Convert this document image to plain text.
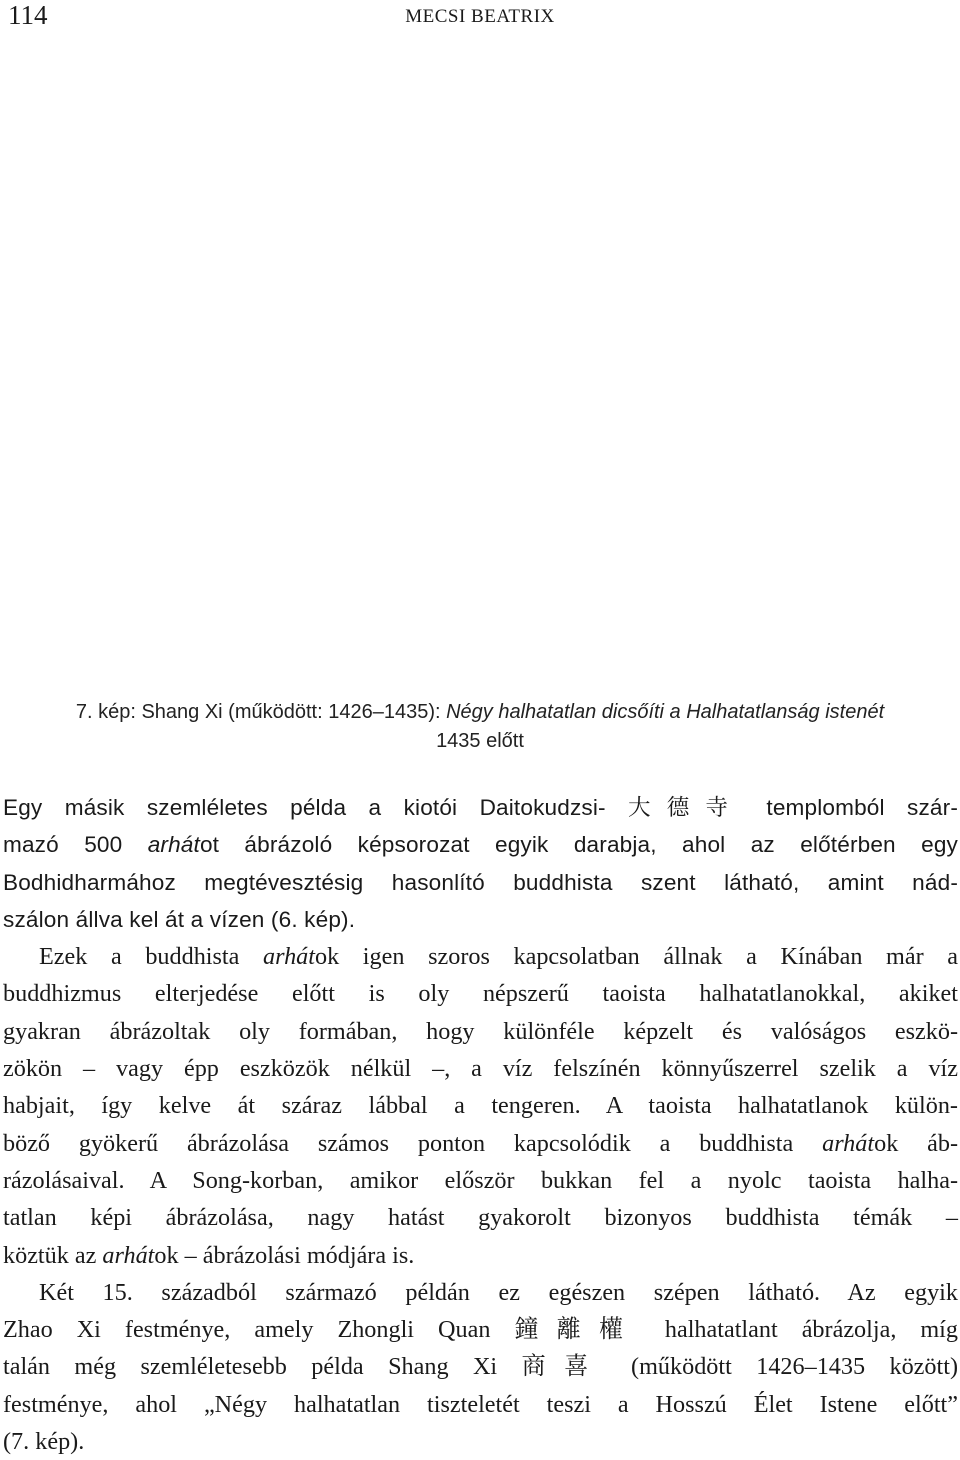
114	MECSI BEATRIX
7. kép: Shang Xi (működött: 1426–1435): Négy halhatatlan dicsőíti a Halhatatlanság istenét
1435 előtt

Egy másik szemléletes példa a kiotói Daitokudzsi- 大德寺 templomból szár-
mazó 500 arhátot ábrázoló képsorozat egyik darabja, ahol az előtérben egy
Bodhidharmához megtévesztésig hasonlító buddhista szent látható, amint nád-
szálon állva kel át a vízen (6. kép).

Ezek a buddhista arhátok igen szoros kapcsolatban állnak a Kínában már a
buddhizmus elterjedése előtt is oly népszerű taoista halhatatlanokkal, akiket
gyakran ábrázoltak oly formában, hogy különféle képzelt és valóságos eszkö-
zökön – vagy épp eszközök nélkül –, a víz felszínén könnyűszerrel szelik a víz
habjait, így kelve át száraz lábbal a tengeren. A taoista halhatatlanok külön-
böző gyökerű ábrázolása számos ponton kapcsolódik a buddhista arhátok áb-
rázolásaival. A Song-korban, amikor először bukkan fel a nyolc taoista halha-
tatlan képi ábrázolása, nagy hatást gyakorolt bizonyos buddhista témák –
köztük az arhátok – ábrázolási módjára is.

Két 15. századból származó példán ez egészen szépen látható. Az egyik
Zhao Xi festménye, amely Zhongli Quan 鐘離權 halhatatlant ábrázolja, míg
talán még szemléletesebb példa Shang Xi 商喜 (működött 1426–1435 között)
festménye, ahol „Négy halhatatlan tiszteletét teszi a Hosszú Élet Istene előtt”
(7. kép).
